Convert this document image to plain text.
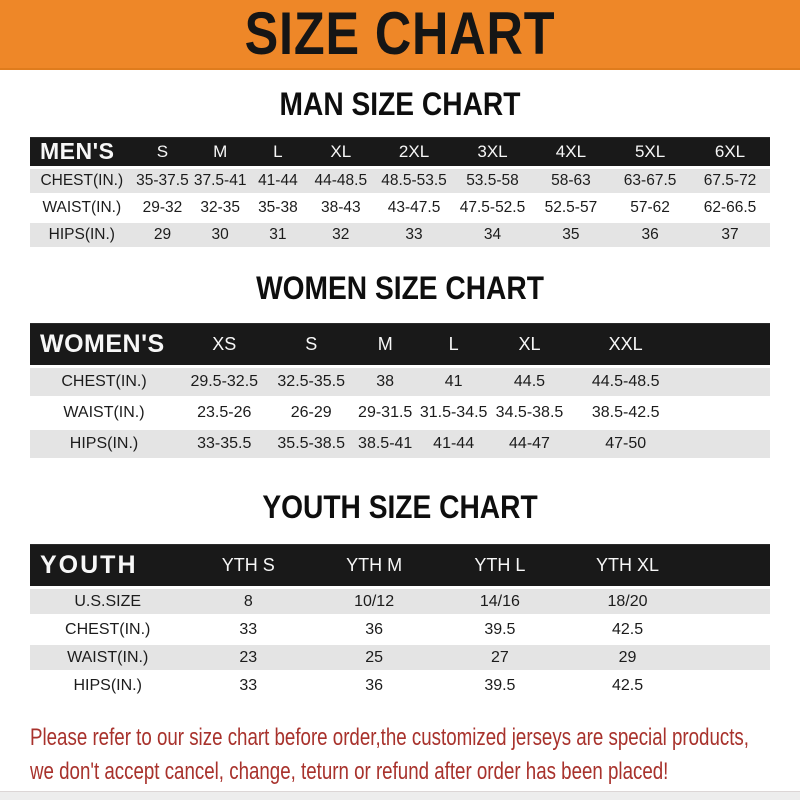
SIZE CHART
MAN SIZE CHART
MEN'S	S	M	L	XL	2XL	3XL	4XL	5XL	6XL
CHEST(IN.)	35-37.5	37.5-41	41-44	44-48.5	48.5-53.5	53.5-58	58-63	63-67.5	67.5-72
WAIST(IN.)	29-32	32-35	35-38	38-43	43-47.5	47.5-52.5	52.5-57	57-62	62-66.5
HIPS(IN.)	29	30	31	32	33	34	35	36	37
WOMEN SIZE CHART
WOMEN'S	XS	S	M	L	XL	XXL	
CHEST(IN.)	29.5-32.5	32.5-35.5	38	41	44.5	44.5-48.5	
WAIST(IN.)	23.5-26	26-29	29-31.5	31.5-34.5	34.5-38.5	38.5-42.5	
HIPS(IN.)	33-35.5	35.5-38.5	38.5-41	41-44	44-47	47-50	
YOUTH SIZE CHART
YOUTH	YTH S	YTH M	YTH L	YTH XL	
U.S.SIZE	8	10/12	14/16	18/20	
CHEST(IN.)	33	36	39.5	42.5	
WAIST(IN.)	23	25	27	29	
HIPS(IN.)	33	36	39.5	42.5	

Please refer to our size chart before order,the customized jerseys are special products,

we don't accept cancel, change, teturn or refund after order has been placed!
